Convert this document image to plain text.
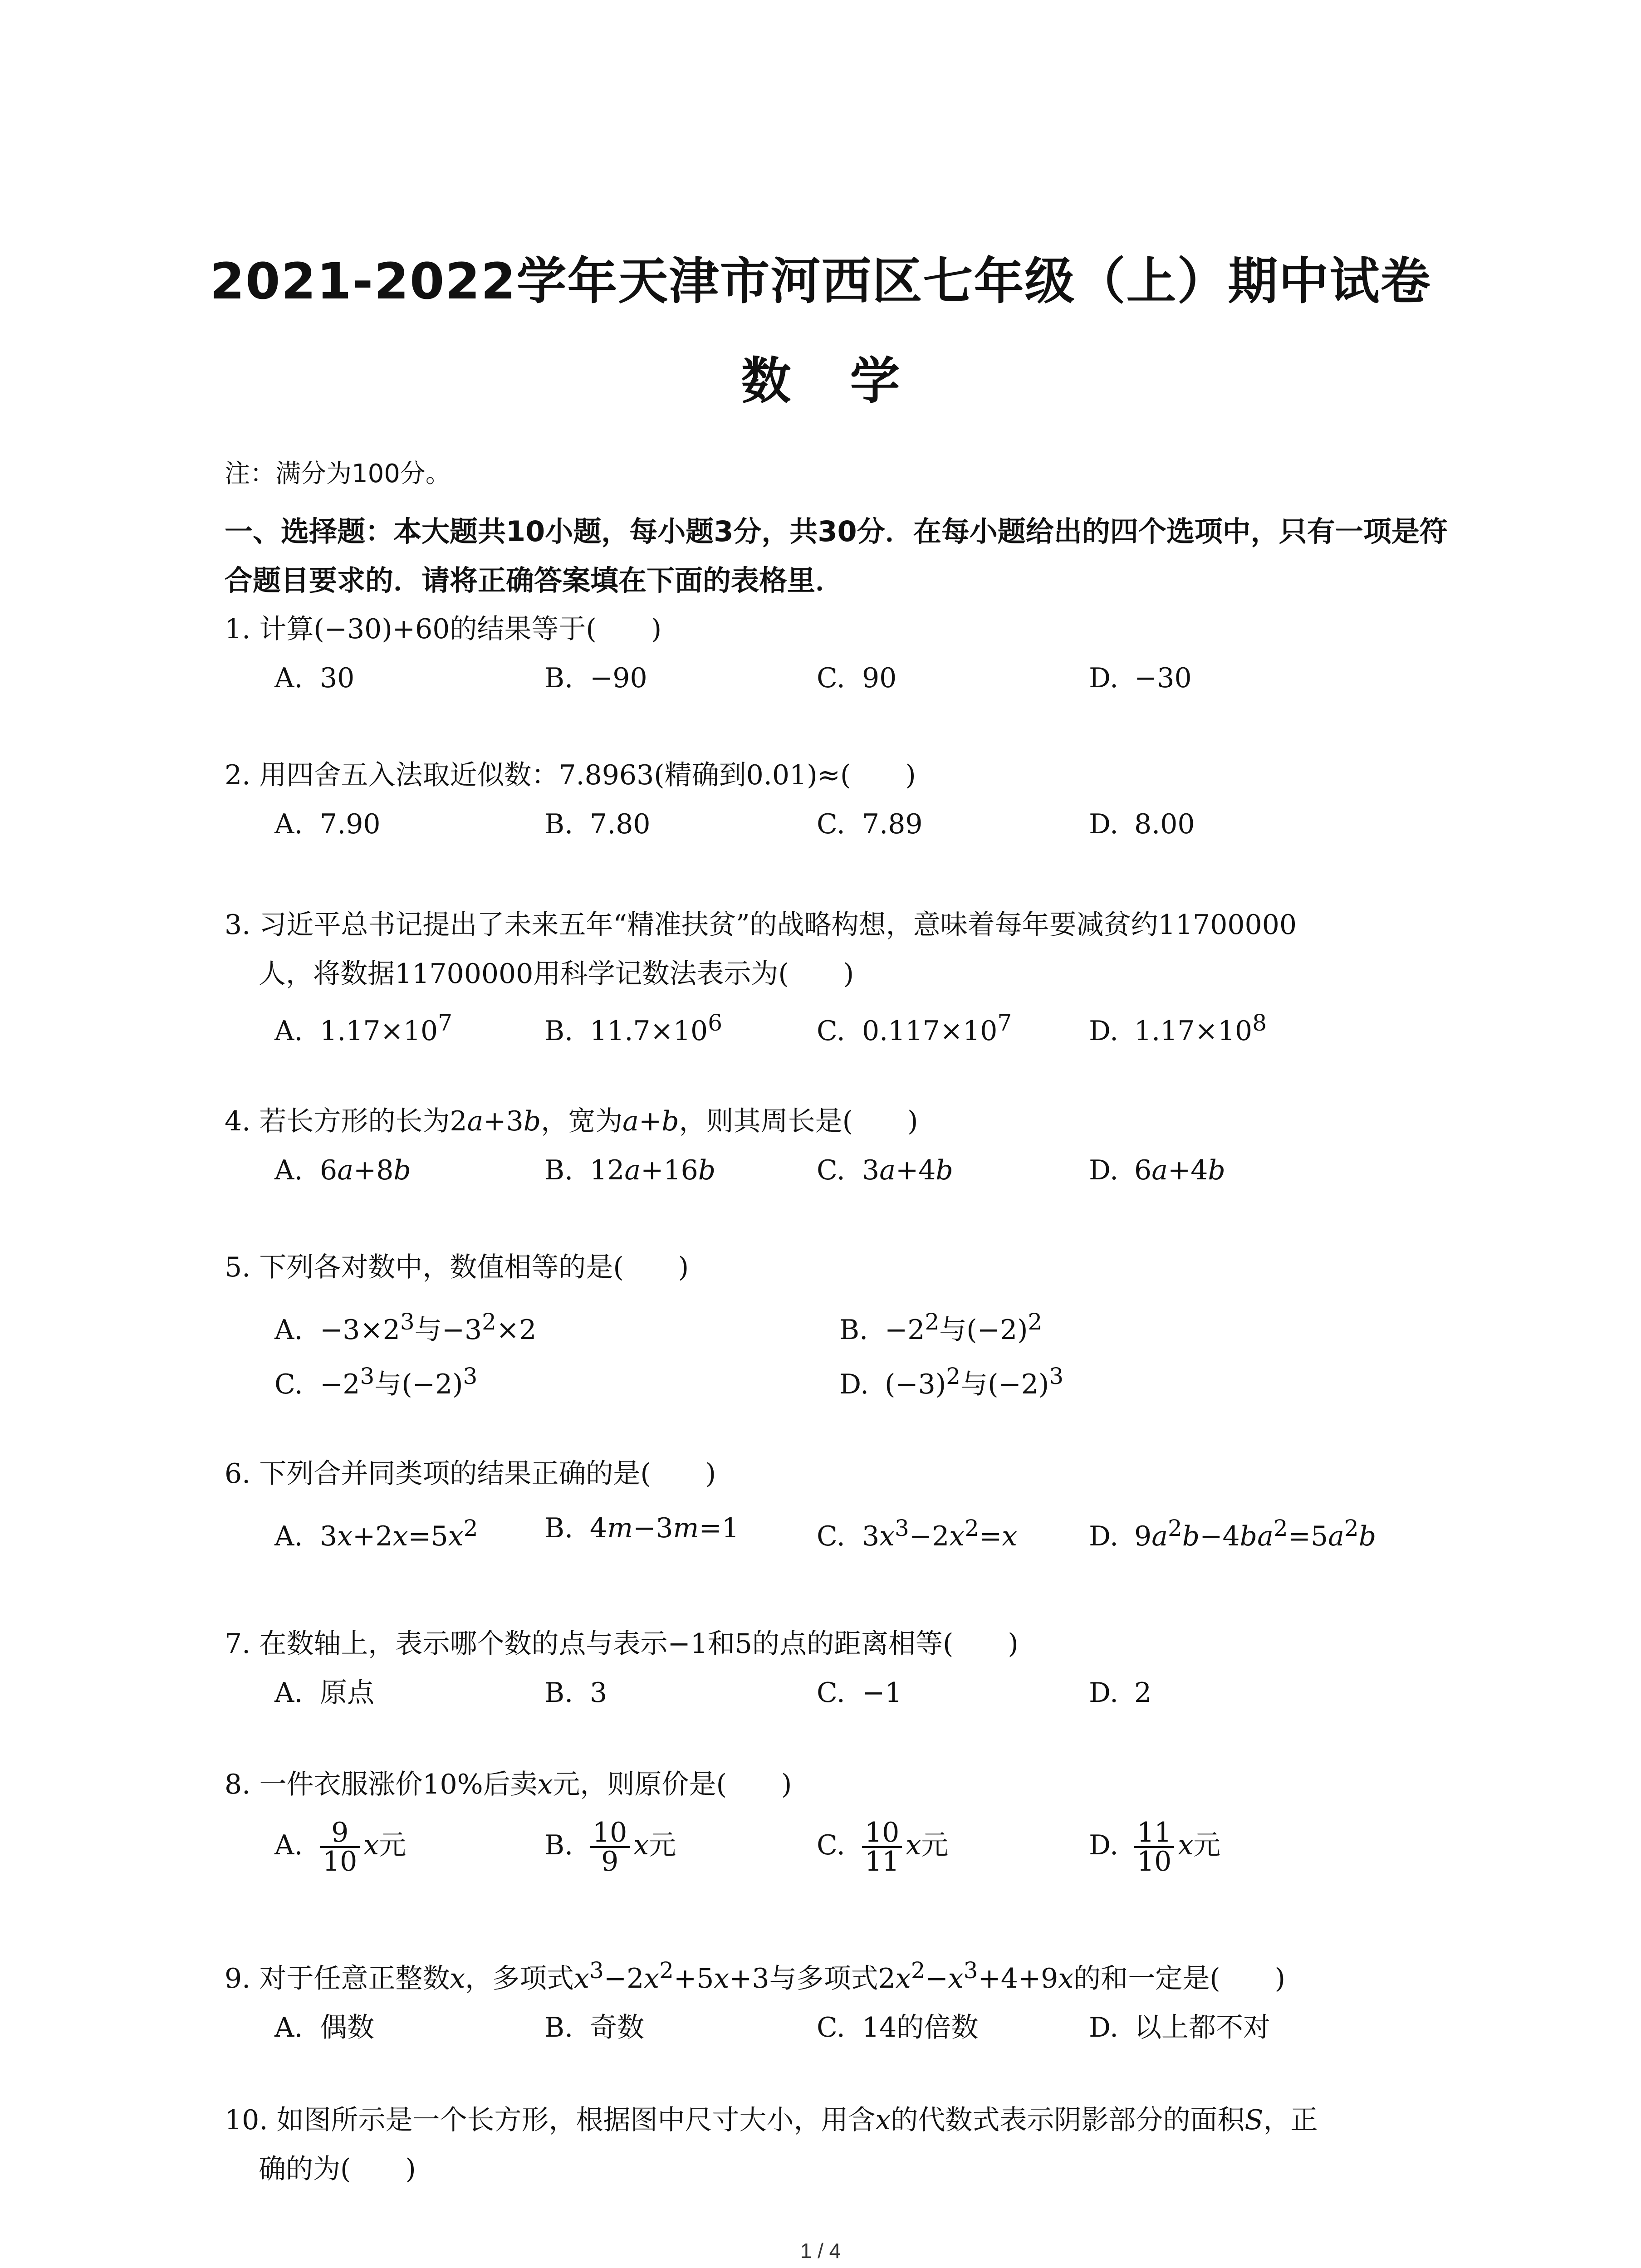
2021-2022学年天津市河西区七年级（上）期中试卷
数学
注：满分为100分。
一、选择题：本大题共10小题，每小题3分，共30分．在每小题给出的四个选项中，只有一项是符合题目要求的．请将正确答案填在下面的表格里．
1. 计算(−30)+60的结果等于(　　)
A. 30	B. −90	C. 90	D. −30
2. 用四舍五入法取近似数：7.8963(精确到0.01)≈(　　)
A. 7.90	B. 7.80	C. 7.89	D. 8.00
3. 习近平总书记提出了未来五年“精准扶贫”的战略构想，意味着每年要减贫约11700000
人，将数据11700000用科学记数法表示为(　　)
A. $1.17\times 10^7$	B. $11.7\times 10^6$	C. $0.117\times 10^7$	D. $1.17\times 10^8$
4. 若长方形的长为2a+3b，宽为a+b，则其周长是(　　)
A. 6a+8b	B. 12a+16b	C. 3a+4b	D. 6a+4b
5. 下列各对数中，数值相等的是(　　)
A. $-3\times 2^3$与$-3^2\times 2$	B. $-2^2$与$(-2)^2$
C. $-2^3$与$(-2)^3$	D. $(-3)^2$与$(-2)^3$
6. 下列合并同类项的结果正确的是(　　)
A. $3x+2x=5x^2$ B. 4m−3m=1	C. $3x^3-2x^2=x$	D. $9a^2b-4ba^2=5a^2b$
7. 在数轴上，表示哪个数的点与表示−1和5的点的距离相等(　　)
A. 原点	B. 3	C. −1	D. 2
8. 一件衣服涨价10%后卖x元，则原价是(　　)
A. $\frac{9}{10}$ x元	B. $\frac{10}{9}$ x元	C. $\frac{10}{11}$ x元	D. $\frac{11}{10}$ x元
9. 对于任意正整数x，多项式$x^3-2x^2+5x+3$与多项式$2x^2-x^3+4+9x$的和一定是(　　)
A. 偶数	B. 奇数	C. 14的倍数	D. 以上都不对
10. 如图所示是一个长方形，根据图中尺寸大小，用含x的代数式表示阴影部分的面积S，正
确的为(　　)
1 / 4
